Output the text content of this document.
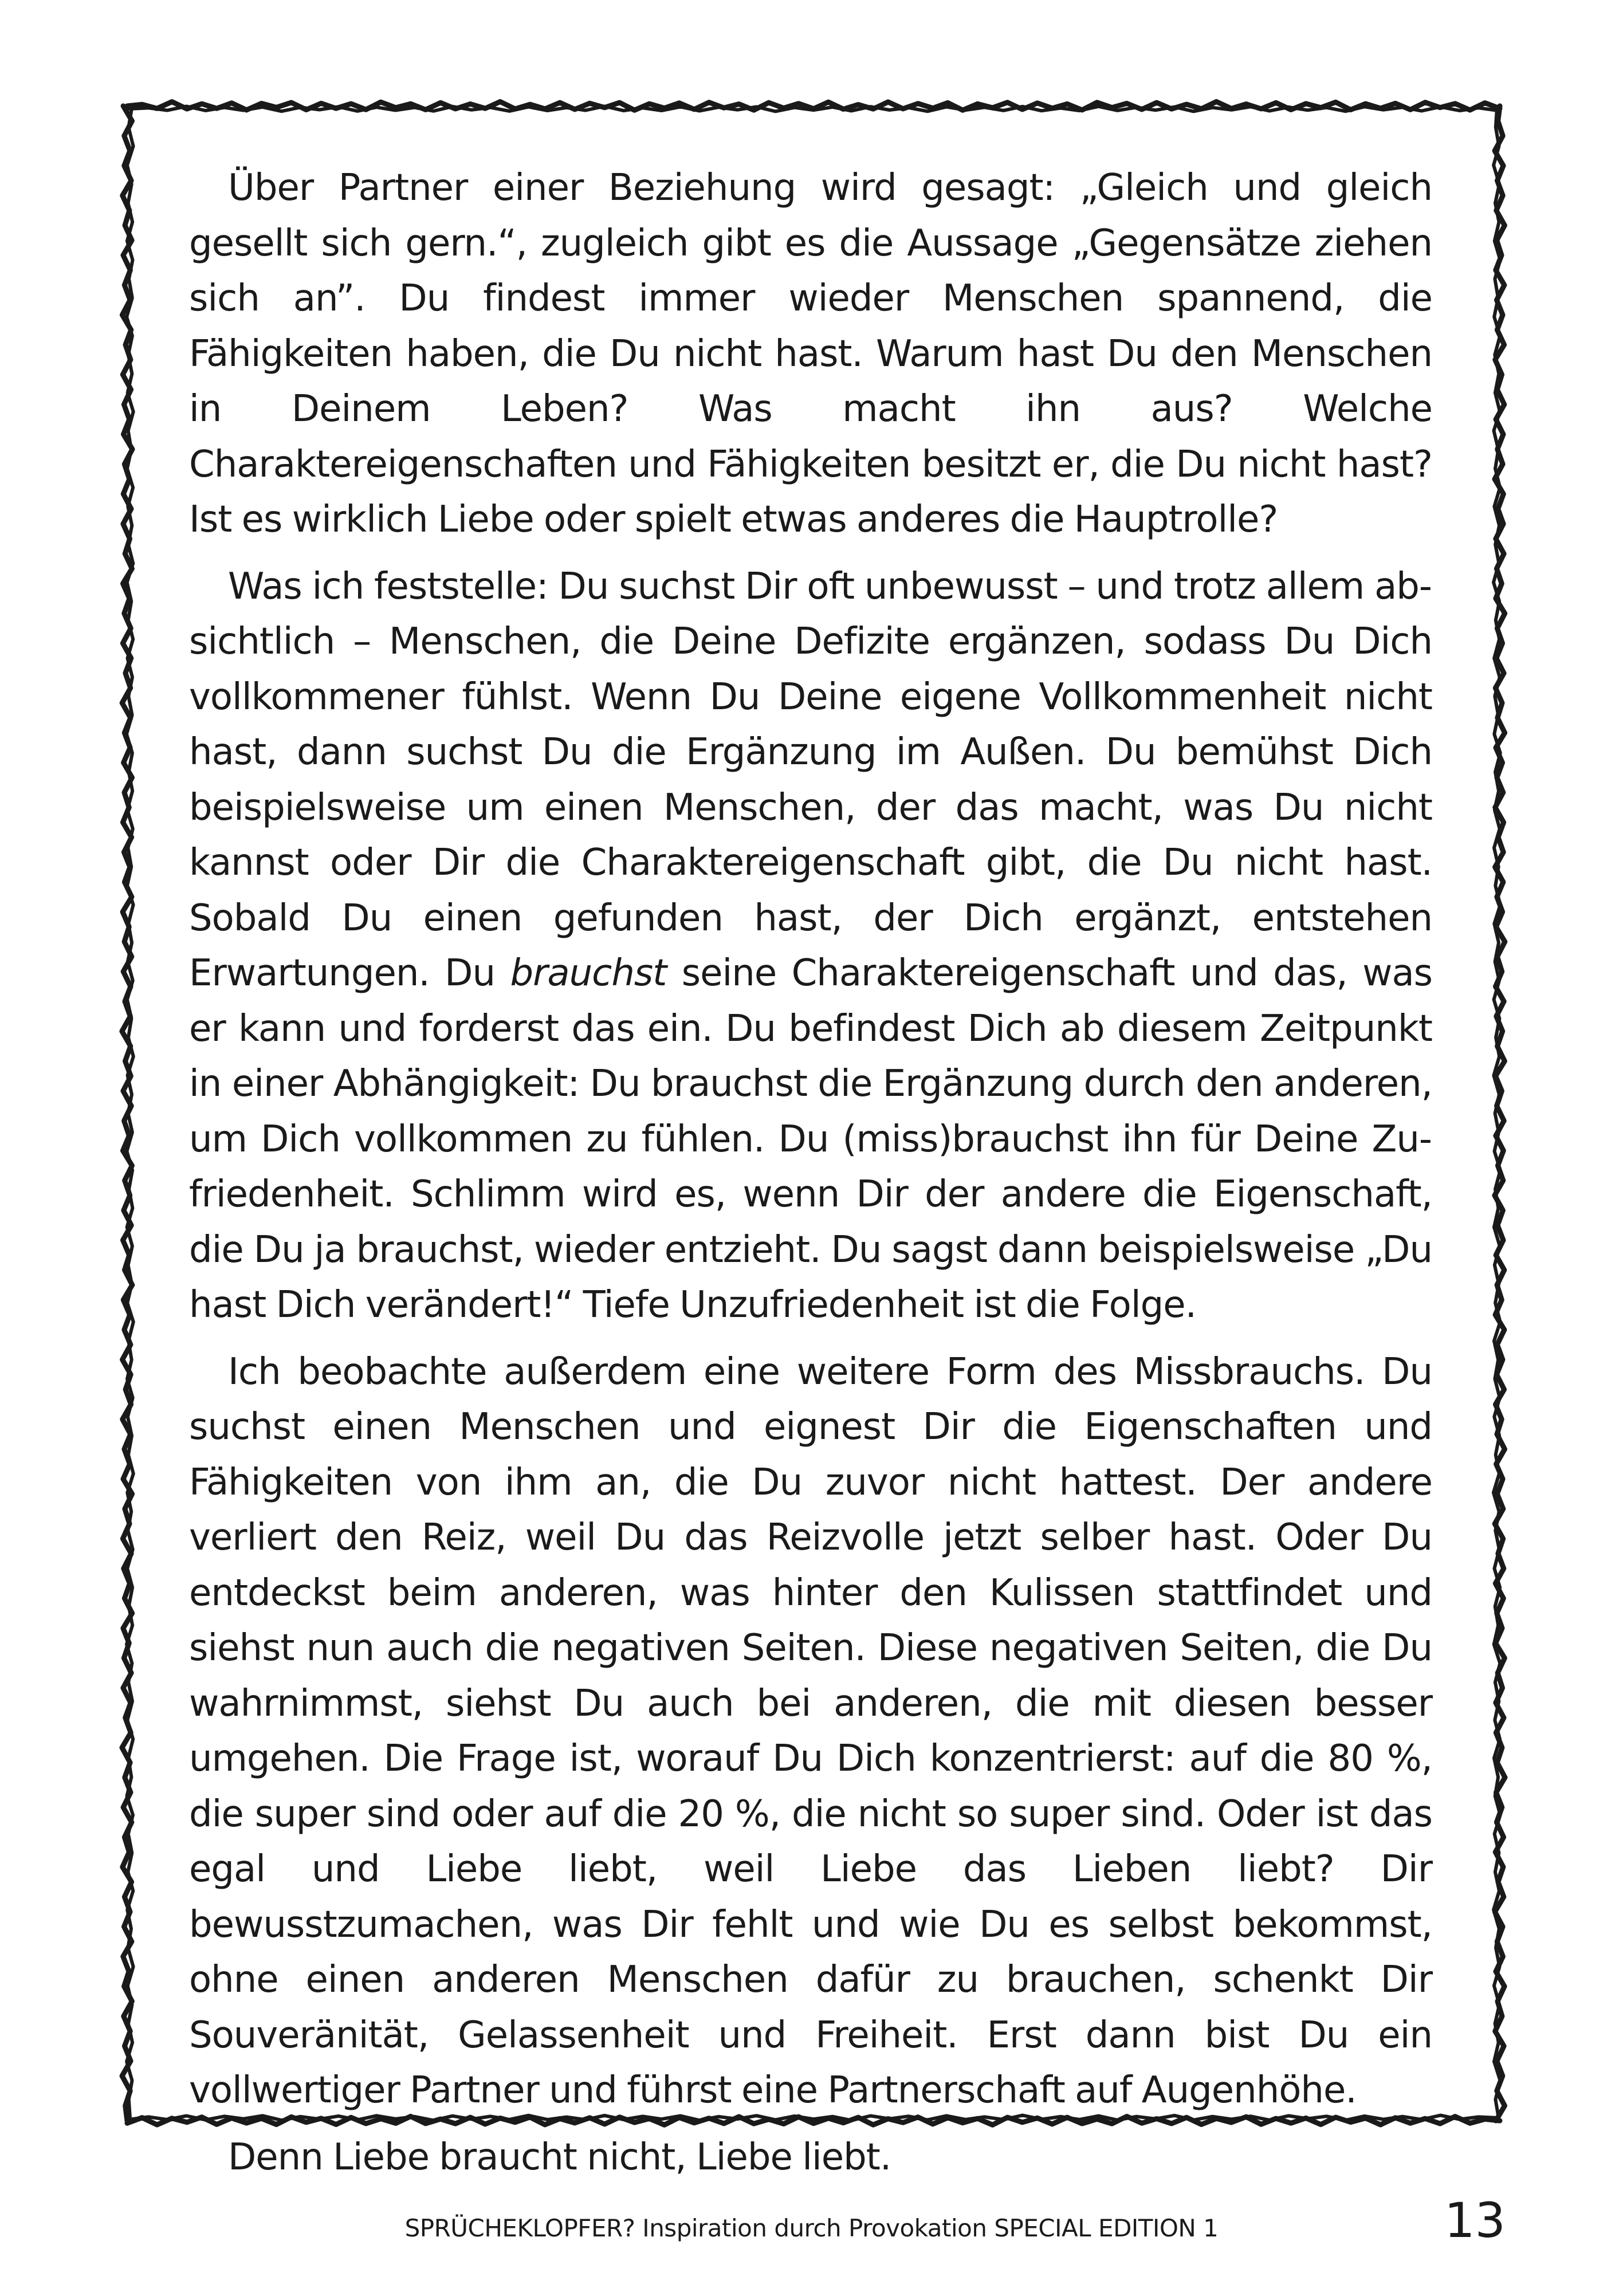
Über Partner einer Beziehung wird gesagt: „Gleich und gleich gesellt sich gern.“, zugleich gibt es die Aussage „Gegensätze ziehen sich an”. Du findest immer wieder Menschen spannend, die Fähigkeiten haben, die Du nicht hast. Warum hast Du den Menschen in Deinem Leben? Was macht ihn aus? Welche Charaktereigenschaften und Fähigkeiten besitzt er, die Du nicht hast? Ist es wirklich Liebe oder spielt etwas anderes die Hauptrolle?

Was ich feststelle: Du suchst Dir oft unbewusst – und trotz allem absichtlich – Menschen, die Deine Defizite ergänzen, sodass Du Dich vollkommener fühlst. Wenn Du Deine eigene Vollkommenheit nicht hast, dann suchst Du die Ergänzung im Außen. Du bemühst Dich beispielsweise um einen Menschen, der das macht, was Du nicht kannst oder Dir die Charaktereigenschaft gibt, die Du nicht hast. Sobald Du einen gefunden hast, der Dich ergänzt, entstehen Erwartungen. Du brauchst seine Charaktereigenschaft und das, was er kann und forderst das ein. Du befindest Dich ab diesem Zeitpunkt in einer Abhängigkeit: Du brauchst die Ergänzung durch den anderen, um Dich vollkommen zu fühlen. Du (miss)brauchst ihn für Deine Zufriedenheit. Schlimm wird es, wenn Dir der andere die Eigenschaft, die Du ja brauchst, wieder entzieht. Du sagst dann beispielsweise „Du hast Dich verändert!“ Tiefe Unzufriedenheit ist die Folge.

Ich beobachte außerdem eine weitere Form des Missbrauchs. Du suchst einen Menschen und eignest Dir die Eigenschaften und Fähigkeiten von ihm an, die Du zuvor nicht hattest. Der andere verliert den Reiz, weil Du das Reizvolle jetzt selber hast. Oder Du entdeckst beim anderen, was hinter den Kulissen stattfindet und siehst nun auch die negativen Seiten. Diese negativen Seiten, die Du wahrnimmst, siehst Du auch bei anderen, die mit diesen besser umgehen. Die Frage ist, worauf Du Dich konzentrierst: auf die 80 %, die super sind oder auf die 20 %, die nicht so super sind. Oder ist das egal und Liebe liebt, weil Liebe das Lieben liebt? Dir bewusstzumachen, was Dir fehlt und wie Du es selbst bekommst, ohne einen anderen Menschen dafür zu brauchen, schenkt Dir Souveränität, Gelassenheit und Freiheit. Erst dann bist Du ein vollwertiger Partner und führst eine Partnerschaft auf Augenhöhe.

Denn Liebe braucht nicht, Liebe liebt.

SPRÜCHEKLOPFER? Inspiration durch Provokation SPECIAL EDITION 1	13
